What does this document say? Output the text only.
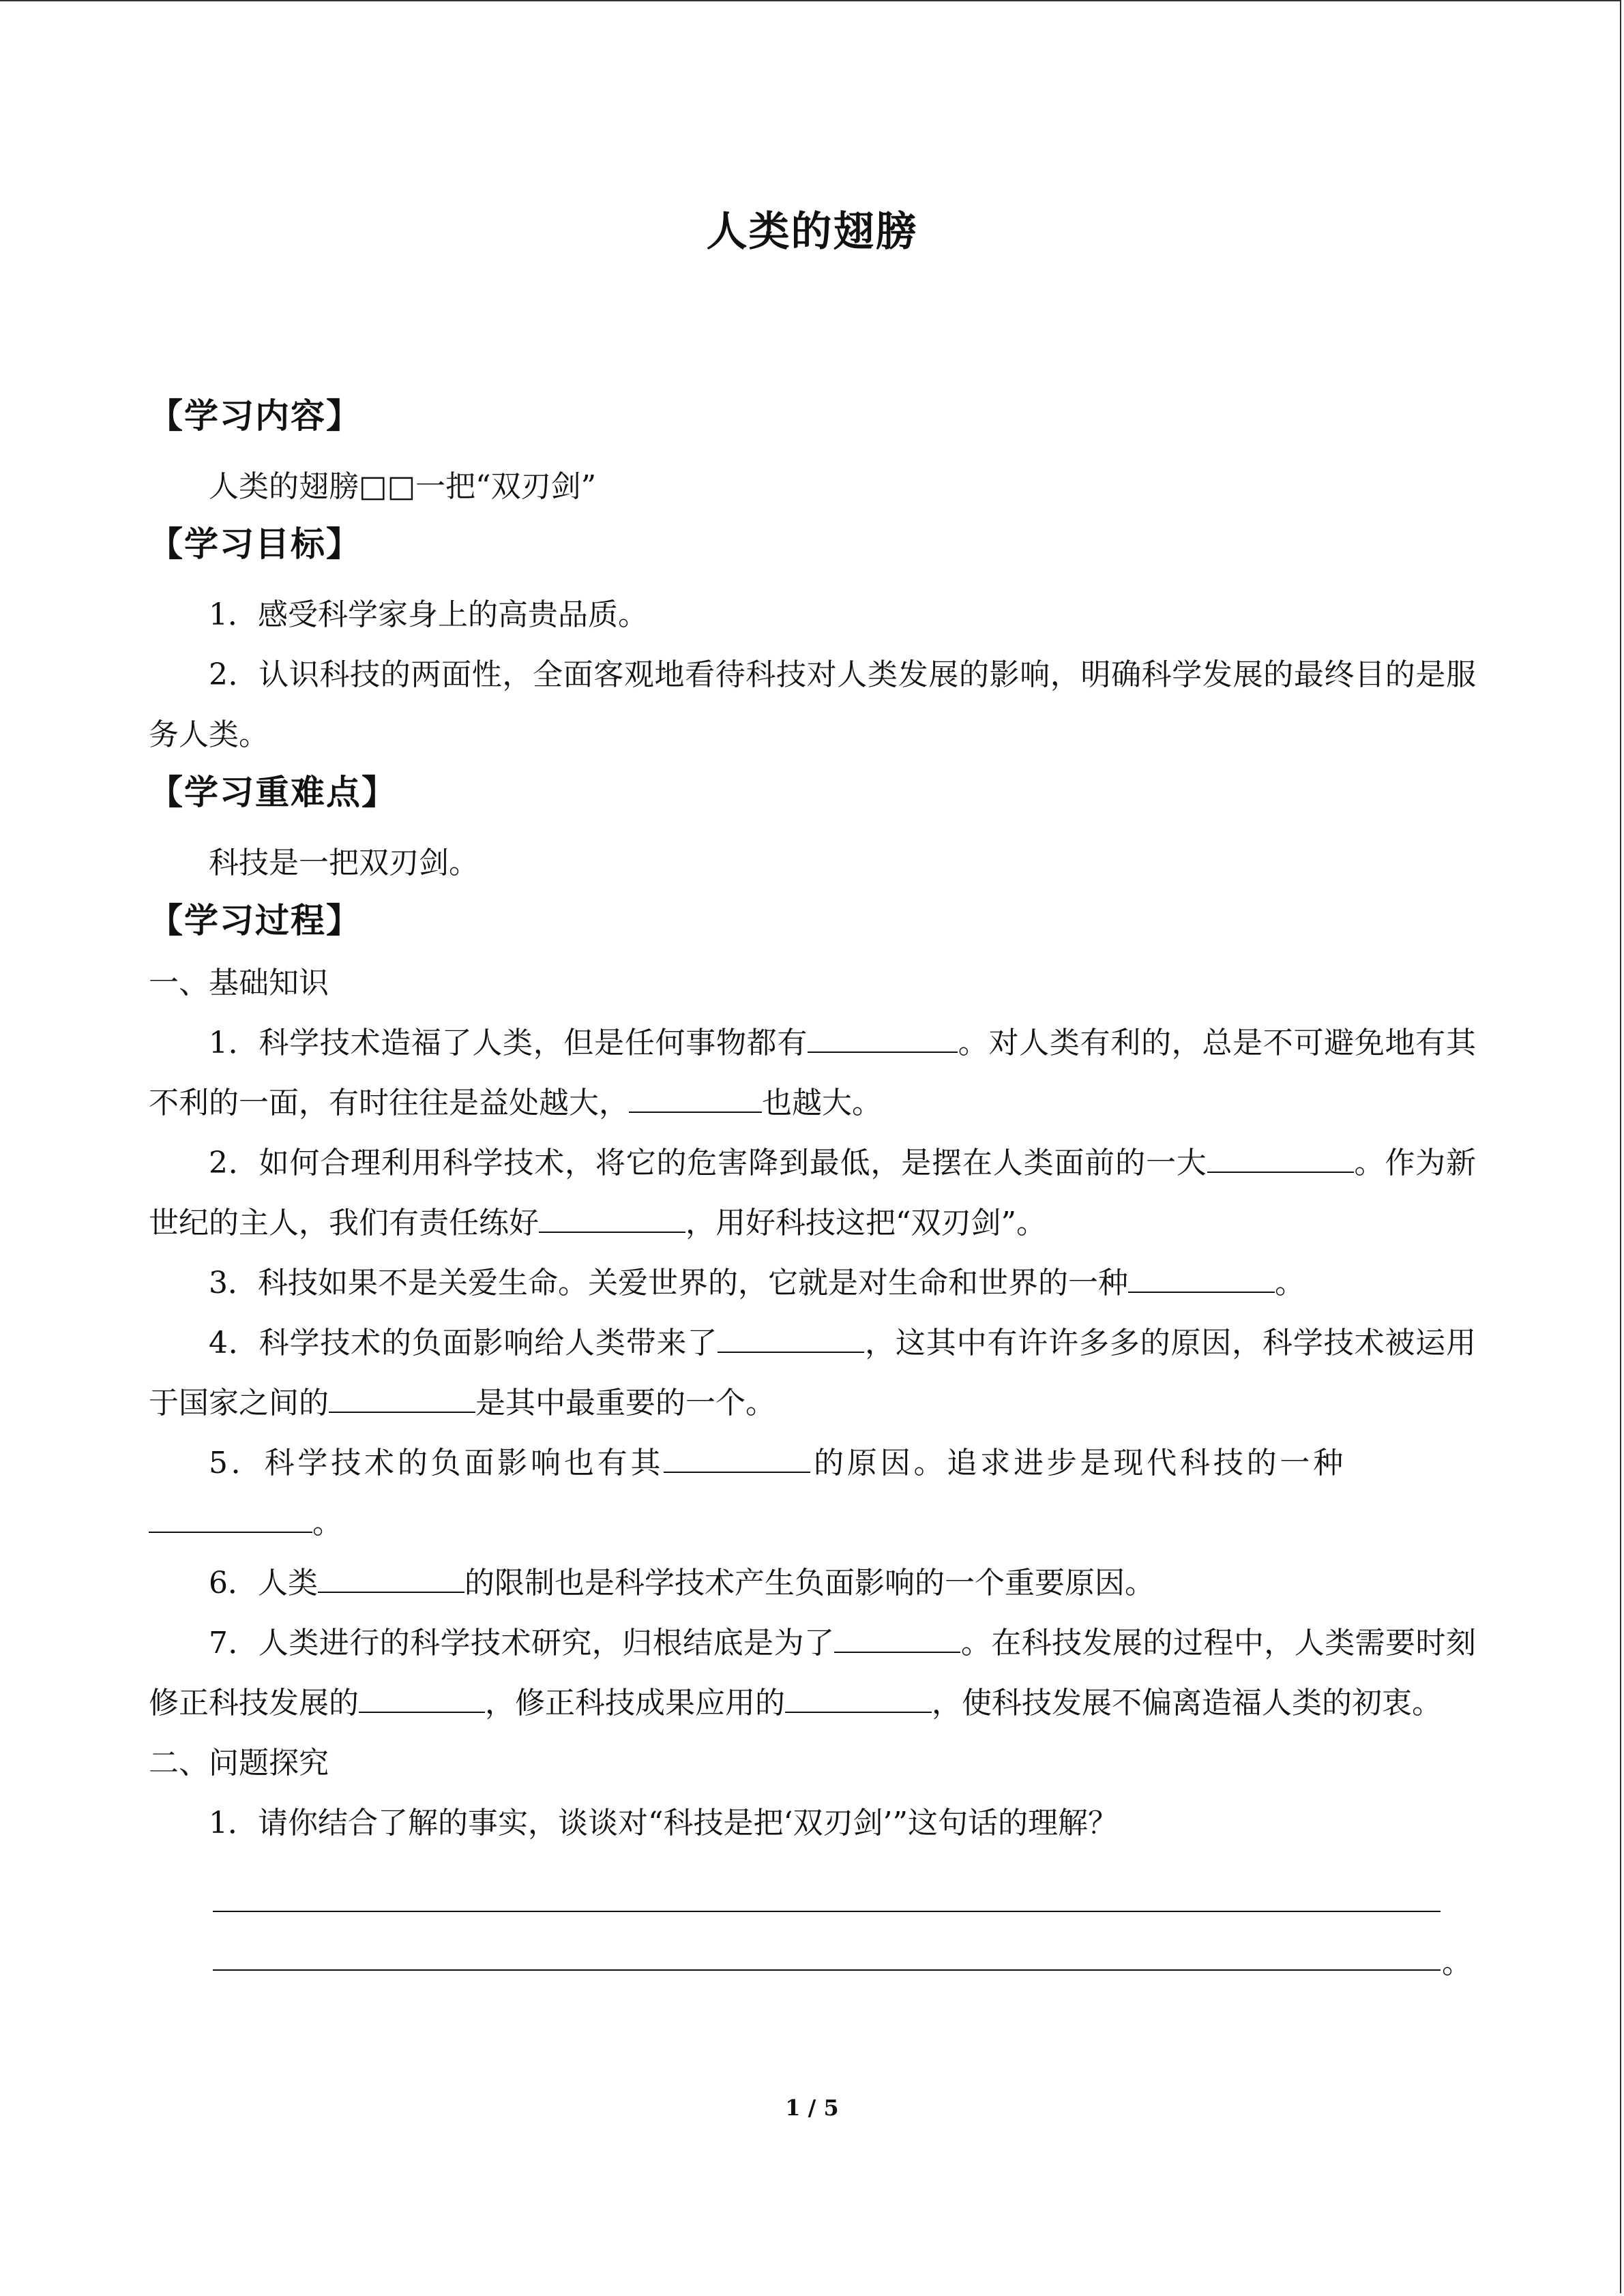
人类的翅膀
【学习内容】

人类的翅膀□□一把“双刃剑”

【学习目标】

1．感受科学家身上的高贵品质。

2．认识科技的两面性，全面客观地看待科技对人类发展的影响，明确科学发展的最终目的是服务人类。

【学习重难点】

科技是一把双刃剑。

【学习过程】

一、基础知识

1．科学技术造福了人类，但是任何事物都有	。对人类有利的，总是不可避免地有其不利的一面，有时往往是益处越大，	也越大。

2．如何合理利用科学技术，将它的危害降到最低，是摆在人类面前的一大	。作为新世纪的主人，我们有责任练好	，用好科技这把“双刃剑”。

3．科技如果不是关爱生命。关爱世界的，它就是对生命和世界的一种	。

4．科学技术的负面影响给人类带来了	，这其中有许许多多的原因，科学技术被运用于国家之间的	是其中最重要的一个。

5．科学技术的负面影响也有其	的原因。追求进步是现代科技的一种。

6．人类	的限制也是科学技术产生负面影响的一个重要原因。

7．人类进行的科学技术研究，归根结底是为了	。在科技发展的过程中，人类需要时刻修正科技发展的	，修正科技成果应用的	，使科技发展不偏离造福人类的初衷。

二、问题探究

1．请你结合了解的事实，谈谈对“科技是把‘双刃剑’”这句话的理解？

。
1 / 5
